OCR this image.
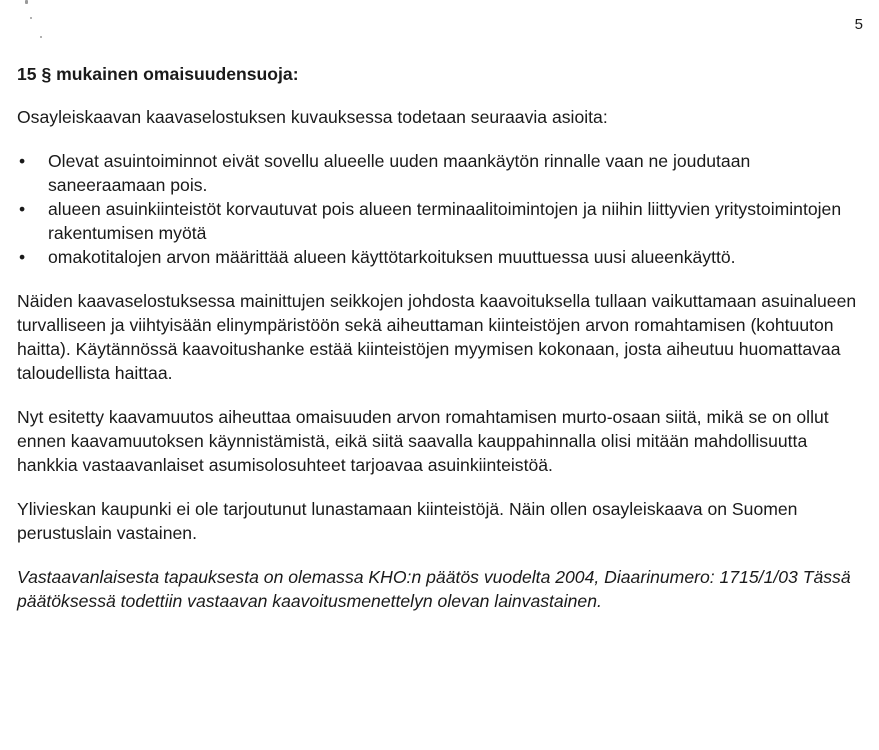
5
15 § mukainen omaisuudensuoja:
Osayleiskaavan kaavaselostuksen kuvauksessa todetaan seuraavia asioita:
• Olevat asuintoiminnot eivät sovellu alueelle uuden maankäytön rinnalle vaan ne joudutaan saneeraamaan pois.
• alueen asuinkiinteistöt korvautuvat pois alueen terminaalitoimintojen ja niihin liittyvien yritystoimintojen rakentumisen myötä
• omakotitalojen arvon määrittää alueen käyttötarkoituksen muuttuessa uusi alueenkäyttö.
Näiden kaavaselostuksessa mainittujen seikkojen johdosta kaavoituksella tullaan vaikuttamaan asuinalueen turvalliseen ja viihtyisään elinympäristöön sekä aiheuttaman kiinteistöjen arvon romahtamisen (kohtuuton haitta). Käytännössä kaavoitushanke estää kiinteistöjen myymisen kokonaan, josta aiheutuu huomattavaa taloudellista haittaa.
Nyt esitetty kaavamuutos aiheuttaa omaisuuden arvon romahtamisen murto-osaan siitä, mikä se on ollut ennen kaavamuutoksen käynnistämistä, eikä siitä saavalla kauppahinnalla olisi mitään mahdollisuutta hankkia vastaavanlaiset asumisolosuhteet tarjoavaa asuinkiinteistöä.
Ylivieskan kaupunki ei ole tarjoutunut lunastamaan kiinteistöjä. Näin ollen osayleiskaava on Suomen perustuslain vastainen.
Vastaavanlaisesta tapauksesta on olemassa KHO:n päätös vuodelta 2004, Diaarinumero: 1715/1/03 Tässä päätöksessä todettiin vastaavan kaavoitusmenettelyn olevan lainvastainen.
